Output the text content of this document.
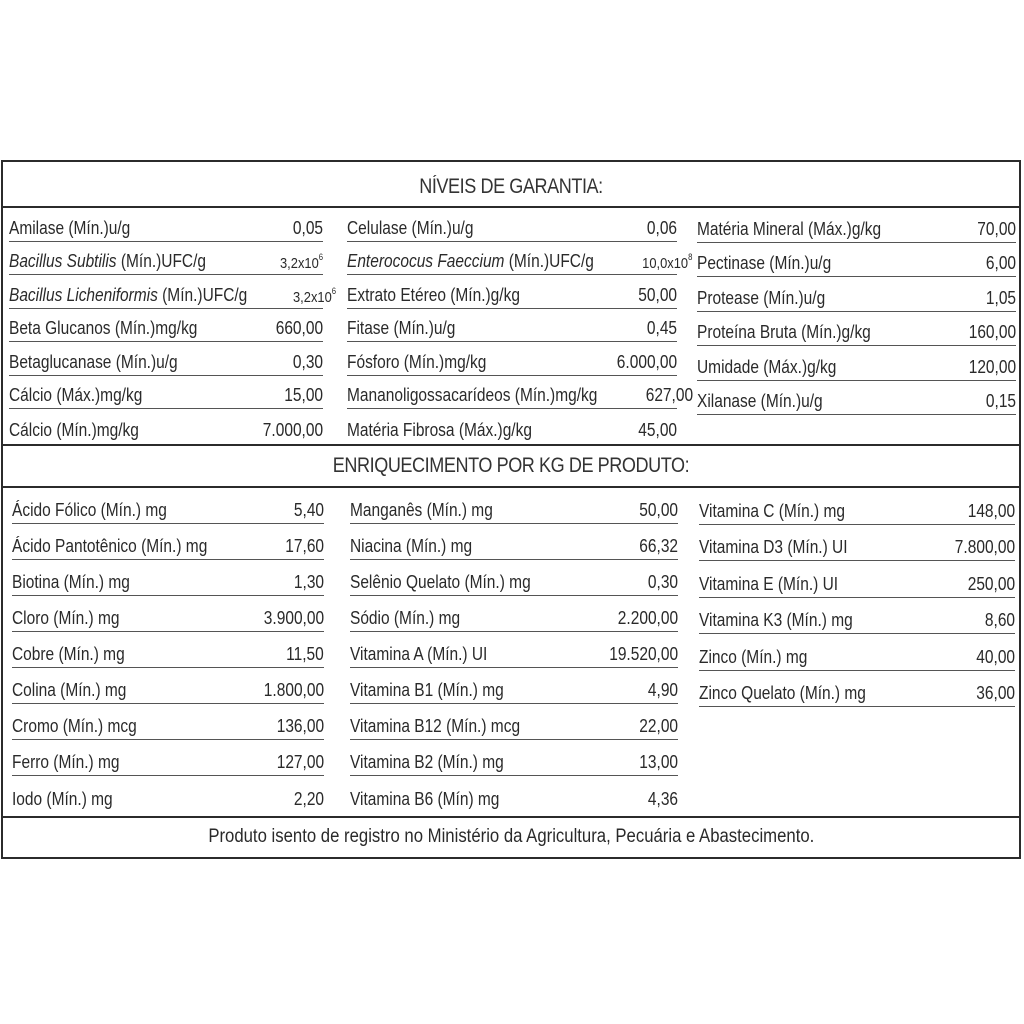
NÍVEIS DE GARANTIA:
Amilase (Mín.)u/g	0,05
Bacillus Subtilis (Mín.)UFC/g	$3,2x10^6$
Bacillus Licheniformis (Mín.)UFC/g	$3,2x10^6$
Beta Glucanos (Mín.)mg/kg	660,00
Betaglucanase (Mín.)u/g	0,30
Cálcio (Máx.)mg/kg	15,00
Cálcio (Mín.)mg/kg	7.000,00
Celulase (Mín.)u/g	0,06
Enterococus Faeccium (Mín.)UFC/g	$10,0x10^8$
Extrato Etéreo (Mín.)g/kg	50,00
Fitase (Mín.)u/g	0,45
Fósforo (Mín.)mg/kg	6.000,00
Mananoligossacarídeos (Mín.)mg/kg	627,00
Matéria Fibrosa (Máx.)g/kg	45,00
Matéria Mineral (Máx.)g/kg	70,00
Pectinase (Mín.)u/g	6,00
Protease (Mín.)u/g	1,05
Proteína Bruta (Mín.)g/kg	160,00
Umidade (Máx.)g/kg	120,00
Xilanase (Mín.)u/g	0,15
ENRIQUECIMENTO POR KG DE PRODUTO:
Ácido Fólico (Mín.) mg	5,40
Ácido Pantotênico (Mín.) mg	17,60
Biotina (Mín.) mg	1,30
Cloro (Mín.) mg	3.900,00
Cobre (Mín.) mg	11,50
Colina (Mín.) mg	1.800,00
Cromo (Mín.) mcg	136,00
Ferro (Mín.) mg	127,00
Iodo (Mín.) mg	2,20
Manganês (Mín.) mg	50,00
Niacina (Mín.) mg	66,32
Selênio Quelato (Mín.) mg	0,30
Sódio (Mín.) mg	2.200,00
Vitamina A (Mín.) UI	19.520,00
Vitamina B1 (Mín.) mg	4,90
Vitamina B12 (Mín.) mcg	22,00
Vitamina B2 (Mín.) mg	13,00
Vitamina B6 (Mín) mg	4,36
Vitamina C (Mín.) mg	148,00
Vitamina D3 (Mín.) UI	7.800,00
Vitamina E (Mín.) UI	250,00
Vitamina K3 (Mín.) mg	8,60
Zinco (Mín.) mg	40,00
Zinco Quelato (Mín.) mg	36,00
Produto isento de registro no Ministério da Agricultura, Pecuária e Abastecimento.
